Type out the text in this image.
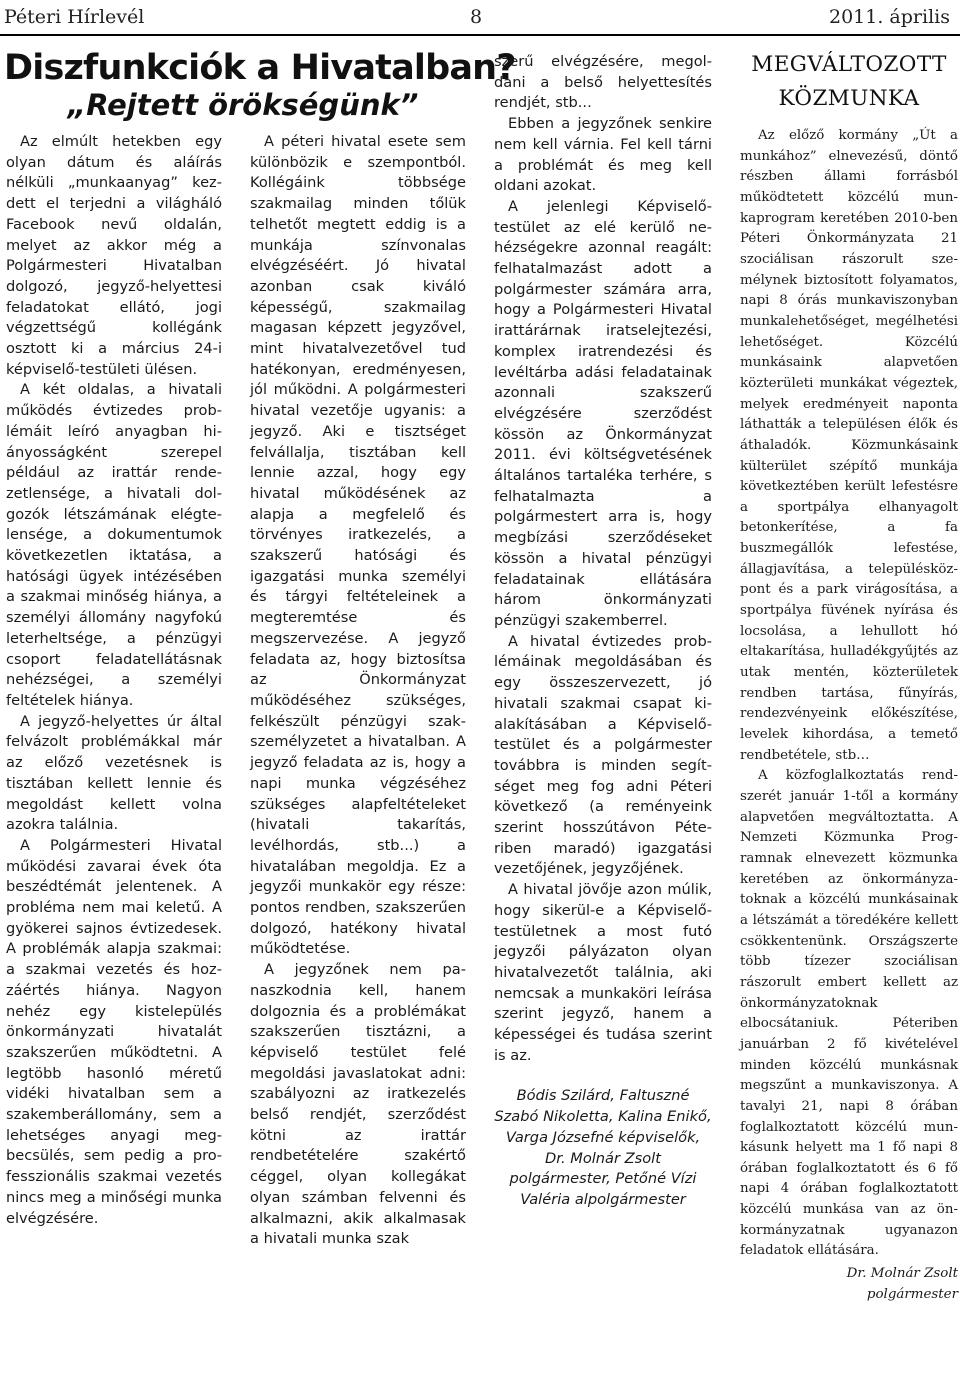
Péteri Hírlevél	8	2011. április
Diszfunkciók a Hivatalban?
„Rejtett örökségünk”

Az elmúlt hetekben egy olyan dátum és aláírás nélküli „munkaanyag” kezdett el terjedni a világháló Facebook nevű oldalán, melyet az akkor még a Polgármesteri Hivatalban dolgozó, jegyző-helyettesi feladatokat ellátó, jogi végzettségű kollégánk osztott ki a március 24-i képviselő-testületi ülésen.

A két oldalas, a hivatali működés évtizedes problémáit leíró anyagban hiányosságként szerepel például az irattár rendezetlensége, a hivatali dolgozók létszámának elégtelensége, a dokumentumok következetlen iktatása, a hatósági ügyek intézésében a szakmai minőség hiánya, a személyi állomány nagyfokú leterheltsége, a pénzügyi csoport feladatellátásnak nehézségei, a személyi feltételek hiánya.

A jegyző-helyettes úr által felvázolt problémákkal már az előző vezetésnek is tisztában kellett lennie és megoldást kellett volna azokra találnia.

A Polgármesteri Hivatal működési zavarai évek óta beszédtémát jelentenek. A probléma nem mai keletű. A gyökerei sajnos évtizedesek. A problémák alapja szakmai: a szakmai vezetés és hozzáértés hiánya. Nagyon nehéz egy kistelepülés önkormányzati hivatalát szakszerűen működtetni. A legtöbb hasonló méretű vidéki hivatalban sem a szakemberállomány, sem a lehetséges anyagi megbecsülés, sem pedig a professzionális szakmai vezetés nincs meg a minőségi munka elvégzésére.

A péteri hivatal esete sem különbözik e szempontból. Kollégáink többsége szakmailag minden tőlük telhetőt megtett eddig is a munkája színvonalas elvégzéséért. Jó hivatal azonban csak kiváló képességű, szakmailag magasan képzett jegyzővel, mint hivatalvezetővel tud hatékonyan, eredményesen, jól működni. A polgármesteri hivatal vezetője ugyanis: a jegyző. Aki e tisztséget felvállalja, tisztában kell lennie azzal, hogy egy hivatal működésének az alapja a megfelelő és törvényes iratkezelés, a szakszerű hatósági és igazgatási munka személyi és tárgyi feltételeinek a megteremtése és megszervezése. A jegyző feladata az, hogy biztosítsa az Önkormányzat működéséhez szükséges, felkészült pénzügyi szakszemélyzetet a hivatalban. A jegyző feladata az is, hogy a napi munka végzéséhez szükséges alapfeltételeket (hivatali takarítás, levélhordás, stb...) a hivatalában megoldja. Ez a jegyzői munkakör egy része: pontos rendben, szakszerűen dolgozó, hatékony hivatal működtetése.

A jegyzőnek nem panaszkodnia kell, hanem dolgoznia és a problémákat szakszerűen tisztázni, a képviselő testület felé megoldási javaslatokat adni: szabályozni az iratkezelés belső rendjét, szerződést kötni az irattár rendbetételére szakértő céggel, olyan kollegákat olyan számban felvenni és alkalmazni, akik alkalmasak a hivatali munka szak

szerű elvégzésére, megoldani a belső helyettesítés rendjét, stb...

Ebben a jegyzőnek senkire nem kell várnia. Fel kell tárni a problémát és meg kell oldani azokat.

A jelenlegi Képviselőtestület az elé kerülő nehézségekre azonnal reagált: felhatalmazást adott a polgármester számára arra, hogy a Polgármesteri Hivatal irattárárnak iratselejtezési, komplex iratrendezési és levéltárba adási feladatainak azonnali szakszerű elvégzésére szerződést kössön az Önkormányzat 2011. évi költségvetésének általános tartaléka terhére, s felhatalmazta a polgármestert arra is, hogy megbízási szerződéseket kössön a hivatal pénzügyi feladatainak ellátására három önkormányzati pénzügyi szakemberrel.

A hivatal évtizedes problémáinak megoldásában és egy összeszervezett, jó hivatali szakmai csapat kialakításában a Képviselőtestület és a polgármester továbbra is minden segítséget meg fog adni Péteri következő (a reményeink szerint hosszútávon Péteriben maradó) igazgatási vezetőjének, jegyzőjének.

A hivatal jövője azon múlik, hogy sikerül-e a Képviselő-testületnek a most futó jegyzői pályázaton olyan hivatalvezetőt találnia, aki nemcsak a munkaköri leírása szerint jegyző, hanem a képességei és tudása szerint is az.

Bódis Szilárd, Faltuszné Szabó Nikoletta, Kalina Enikő, Varga Józsefné képviselők, Dr. Molnár Zsolt polgármester, Petőné Vízi Valéria alpolgármester

MEGVÁLTOZOTT
KÖZMUNKA

Az előző kormány „Út a munkához” elnevezésű, döntő részben állami forrásból működtetett közcélú munkaprogram keretében 2010-ben Péteri Önkormányzata 21 szociálisan rászorult személynek biztosított folyamatos, napi 8 órás munkaviszonyban munkalehetőséget, megélhetési lehetőséget. Közcélú munkásaink alapvetően közterületi munkákat végeztek, melyek eredményeit naponta láthatták a településen élők és áthaladók. Közmunkásaink külterület szépítő munkája következtében került lefestésre a sportpálya elhanyagolt betonkerítése, a fa buszmegállók lefestése, állagjavítása, a településközpont és a park virágosítása, a sportpálya füvének nyírása és locsolása, a lehullott hó eltakarítása, hulladékgyűjtés az utak mentén, közterületek rendben tartása, fűnyírás, rendezvényeink előkészítése, levelek kihordása, a temető rendbetétele, stb…

A közfoglalkoztatás rendszerét január 1-től a kormány alapvetően megváltoztatta. A Nemzeti Közmunka Programnak elnevezett közmunka keretében az önkormányzatoknak a közcélú munkásainak a létszámát a töredékére kellett csökkentenünk. Országszerte több tízezer szociálisan rászorult embert kellett az önkormányzatoknak elbocsátaniuk. Péteriben januárban 2 fő kivételével minden közcélú munkásnak megszűnt a munkaviszonya. A tavalyi 21, napi 8 órában foglalkoztatott közcélú munkásunk helyett ma 1 fő napi 8 órában foglalkoztatott és 6 fő napi 4 órában foglalkoztatott közcélú munkása van az önkormányzatnak ugyanazon feladatok ellátására.

Dr. Molnár Zsolt
polgármester
